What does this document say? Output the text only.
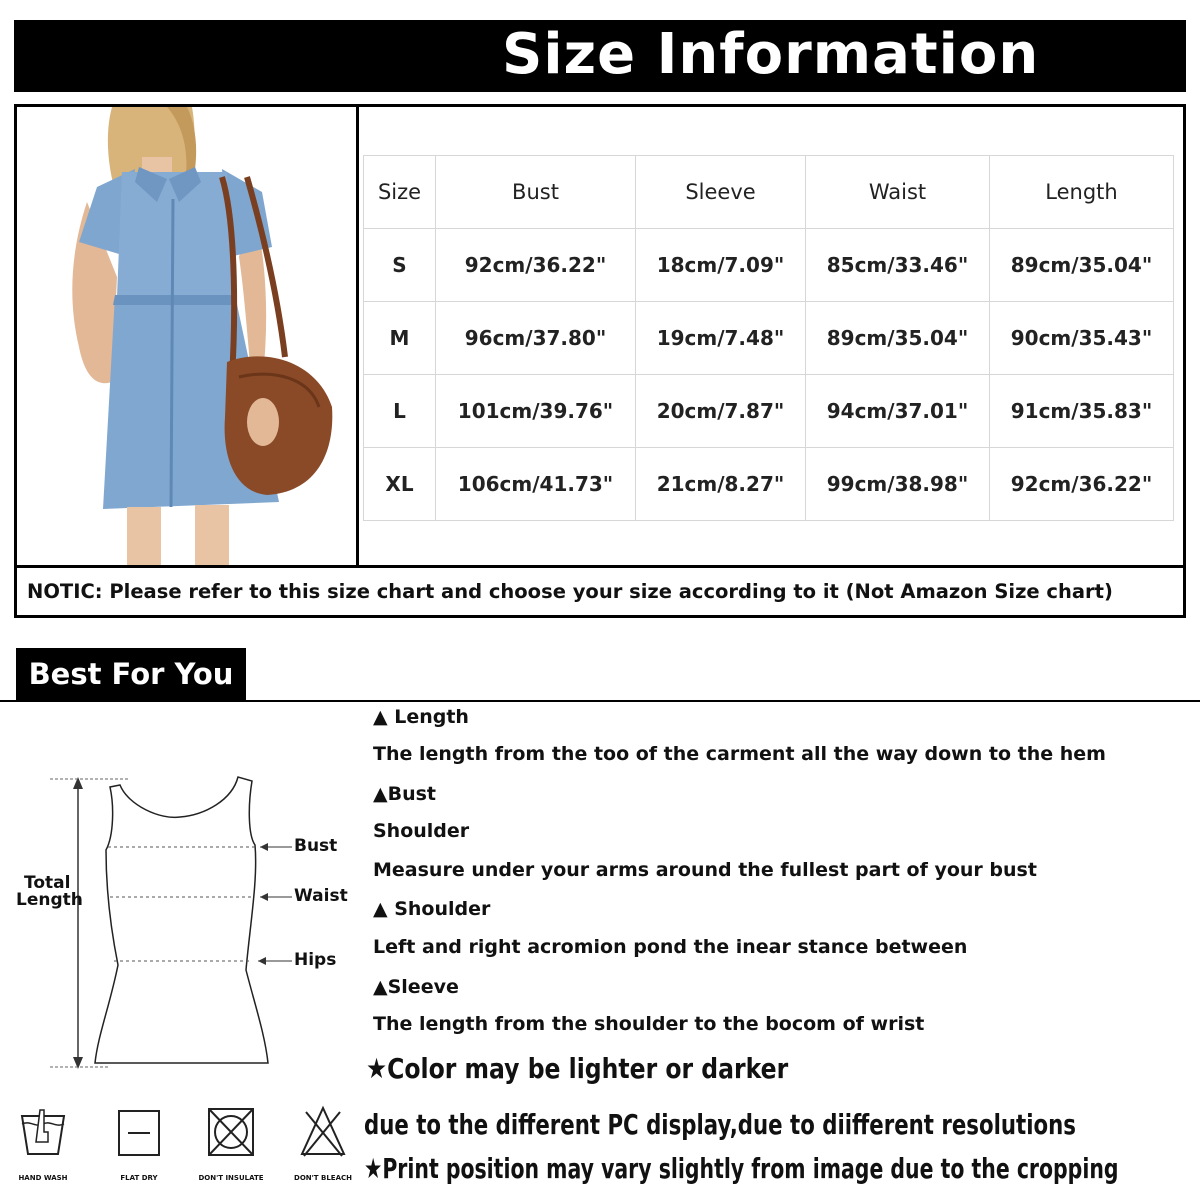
Size Information
NOTIC: Please refer to this size chart and choose your size according to it (Not Amazon Size chart)
Size	Bust	Sleeve	Waist	Length
S	92cm/36.22"	18cm/7.09"	85cm/33.46"	89cm/35.04"
M	96cm/37.80"	19cm/7.48"	89cm/35.04"	90cm/35.43"
L	101cm/39.76"	20cm/7.87"	94cm/37.01"	91cm/35.83"
XL	106cm/41.73"	21cm/8.27"	99cm/38.98"	92cm/36.22"
Best For You
Total
Length
Bust
Waist
Hips
▲ Length
The length from the too of the carment all the way down to the hem
▲Bust
Shoulder
Measure under your arms around the fullest part of your bust
▲ Shoulder
Left and right acromion pond the inear stance between
▲Sleeve
The length from the shoulder to the bocom of wrist
★Color may be lighter or darker
due to the different PC display,due to diifferent resolutions
★Print position may vary slightly from image due to the cropping
HAND WASH	FLAT DRY	DON'T INSULATE	DON'T BLEACH
